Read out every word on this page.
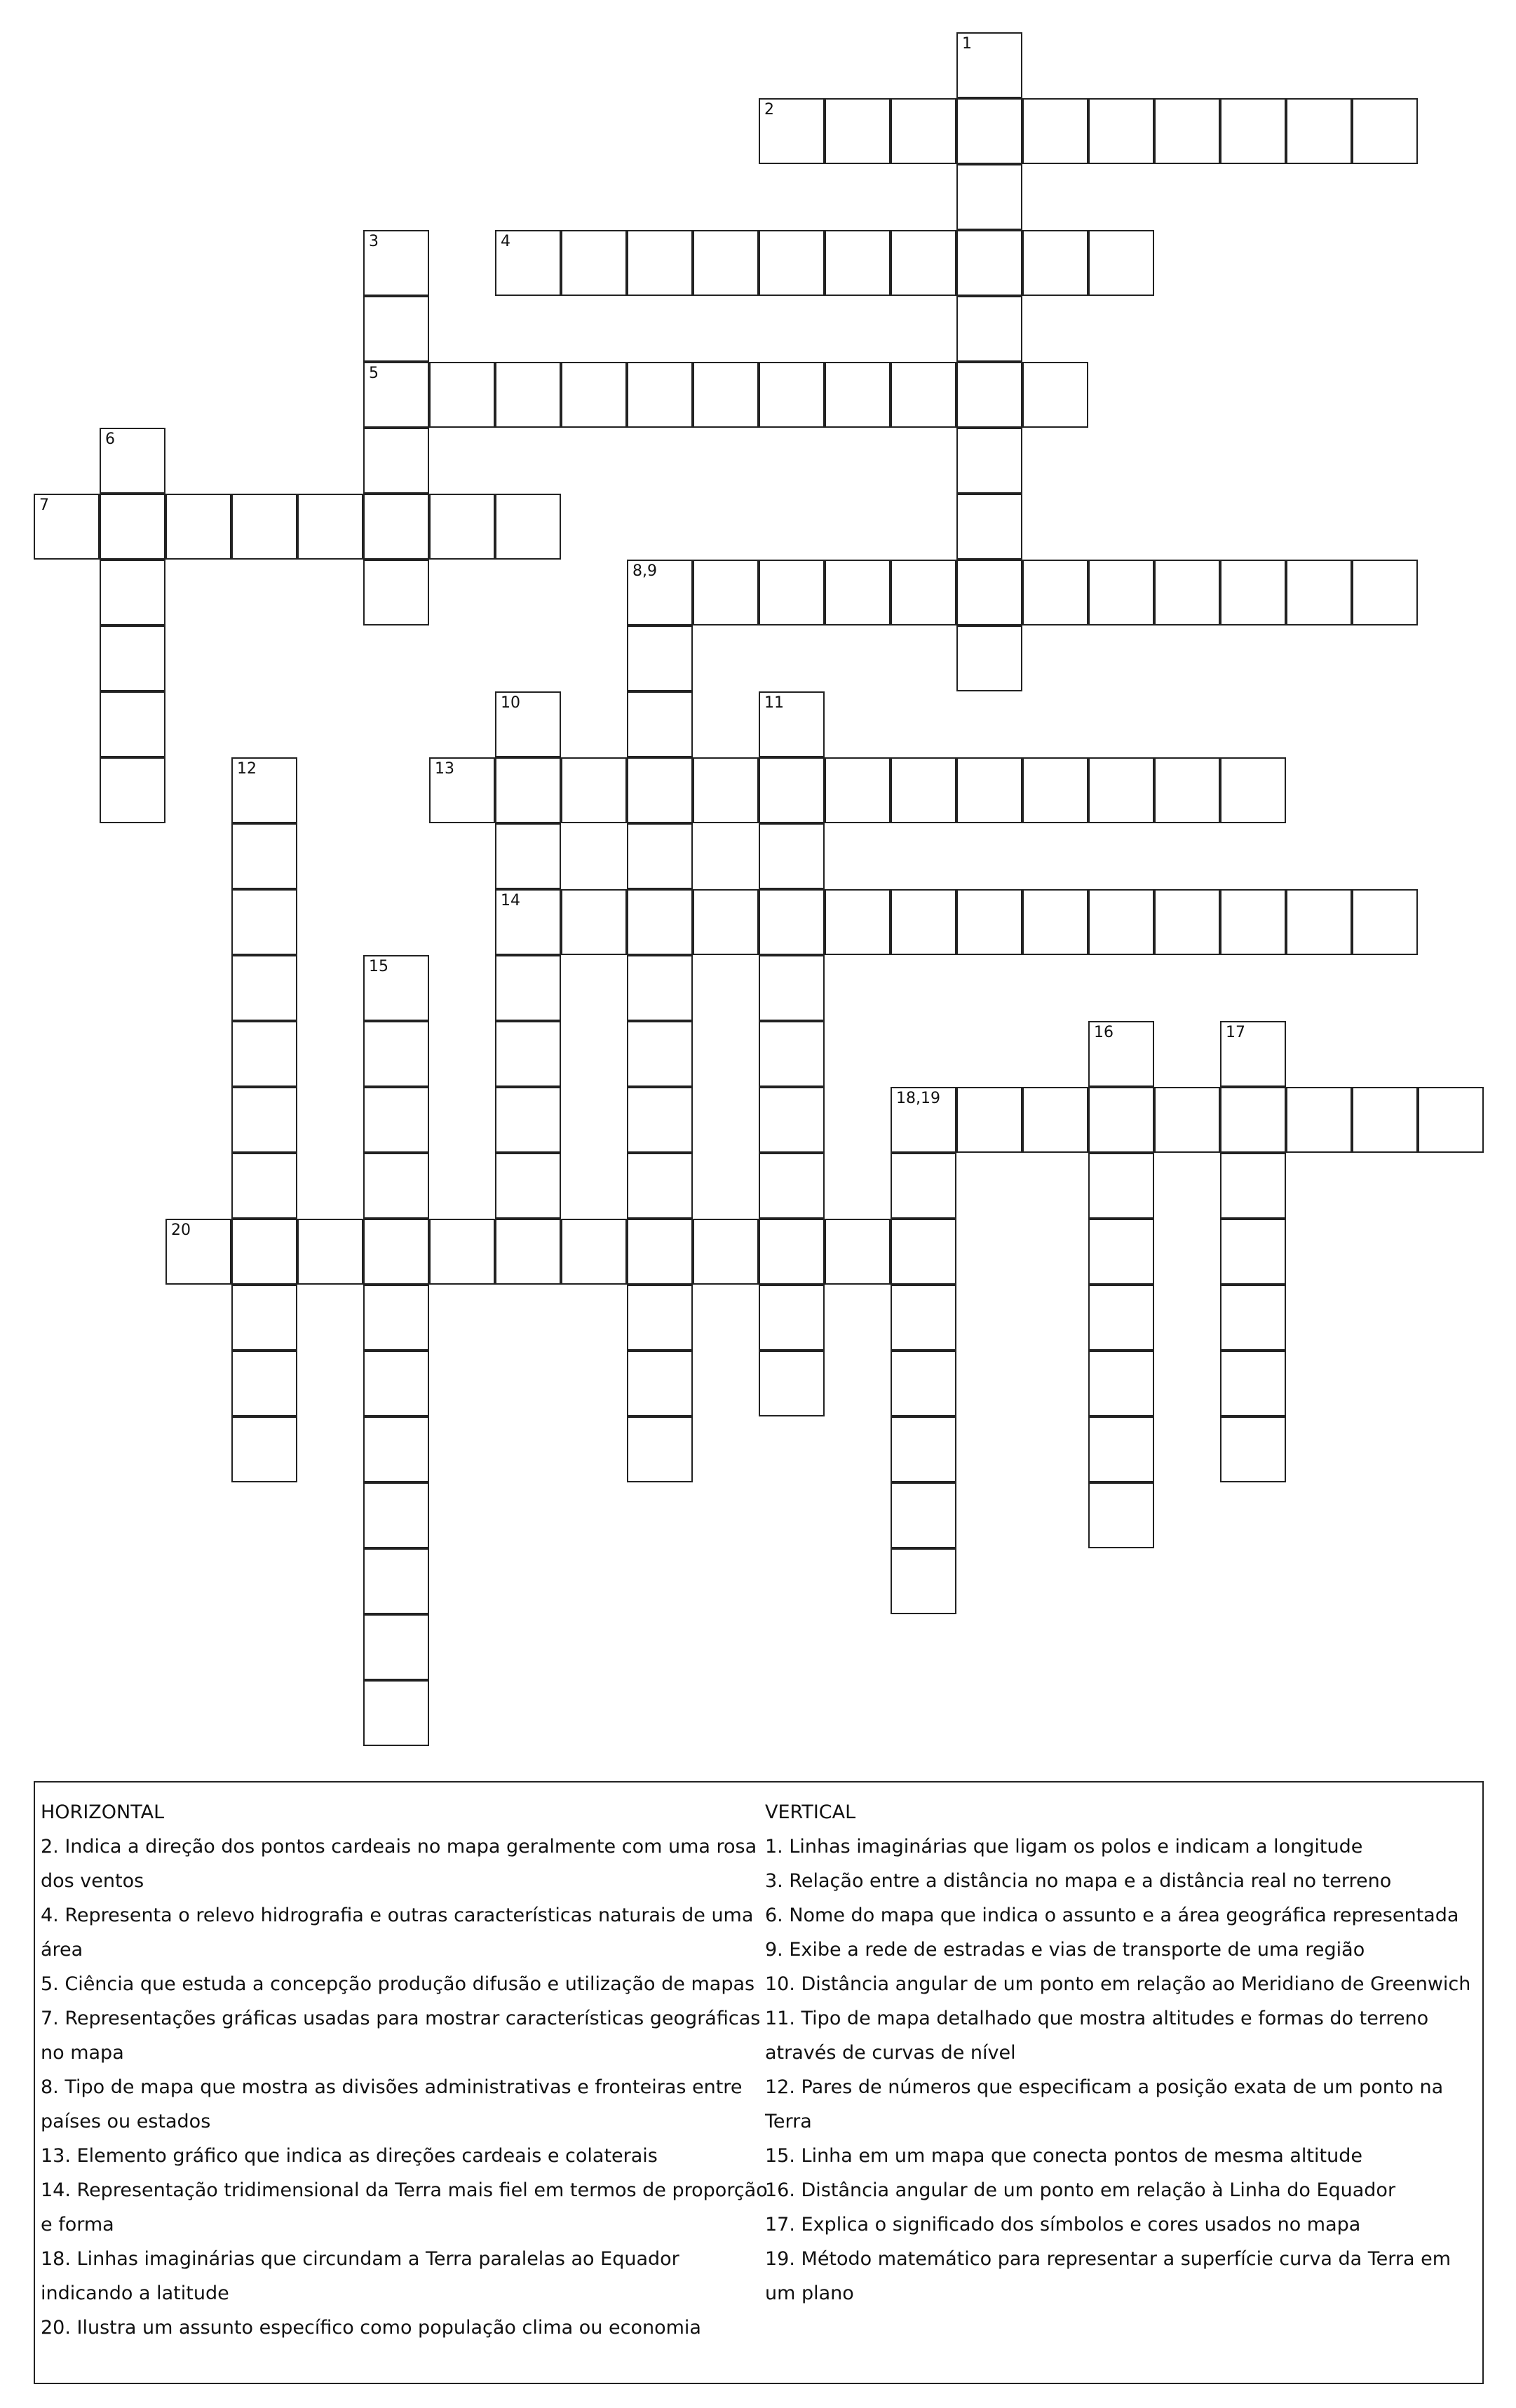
1
2
3
5
4
6
7
8,9
10
14
11
12	13
15
16	17
18,19
20
HORIZONTAL
2. Indica a direção dos pontos cardeais no mapa geralmente com uma rosa dos ventos
4. Representa o relevo hidrografia e outras características naturais de uma área
5. Ciência que estuda a concepção produção difusão e utilização de mapas
7. Representações gráficas usadas para mostrar características geográficas no mapa
8. Tipo de mapa que mostra as divisões administrativas e fronteiras entre países ou estados
13. Elemento gráfico que indica as direções cardeais e colaterais
14. Representação tridimensional da Terra mais fiel em termos de proporção e forma
18. Linhas imaginárias que circundam a Terra paralelas ao Equador indicando a latitude
20. Ilustra um assunto específico como população clima ou economia
VERTICAL
1. Linhas imaginárias que ligam os polos e indicam a longitude
3. Relação entre a distância no mapa e a distância real no terreno
6. Nome do mapa que indica o assunto e a área geográfica representada
9. Exibe a rede de estradas e vias de transporte de uma região
10. Distância angular de um ponto em relação ao Meridiano de Greenwich
11. Tipo de mapa detalhado que mostra altitudes e formas do terreno através de curvas de nível
12. Pares de números que especificam a posição exata de um ponto na Terra
15. Linha em um mapa que conecta pontos de mesma altitude
16. Distância angular de um ponto em relação à Linha do Equador
17. Explica o significado dos símbolos e cores usados no mapa
19. Método matemático para representar a superfície curva da Terra em um plano
